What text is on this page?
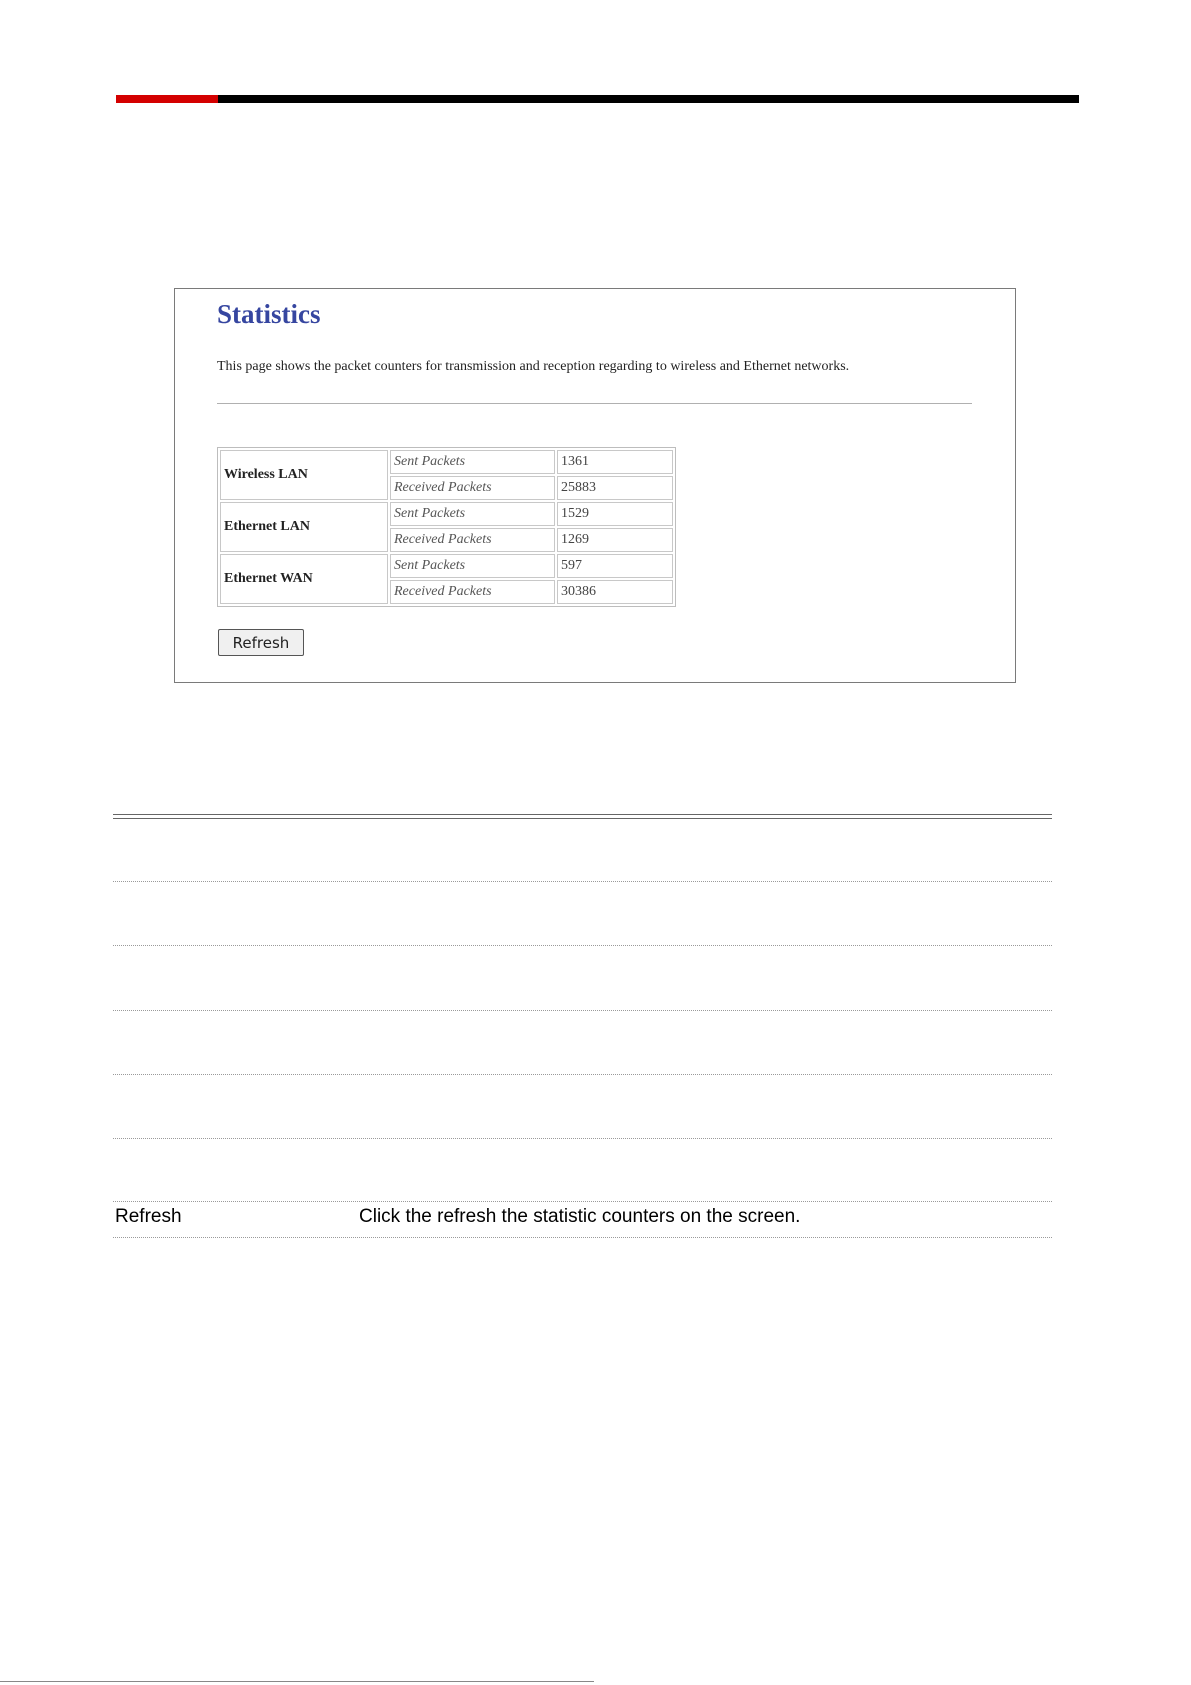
Statistics
This page shows the packet counters for transmission and reception regarding to wireless and Ethernet networks.
Wireless LAN	Sent Packets	1361
	Received Packets	25883
Ethernet LAN	Sent Packets	1529
	Received Packets	1269
Ethernet WAN	Sent Packets	597
	Received Packets	30386
Refresh
Refresh	Click the refresh the statistic counters on the screen.
